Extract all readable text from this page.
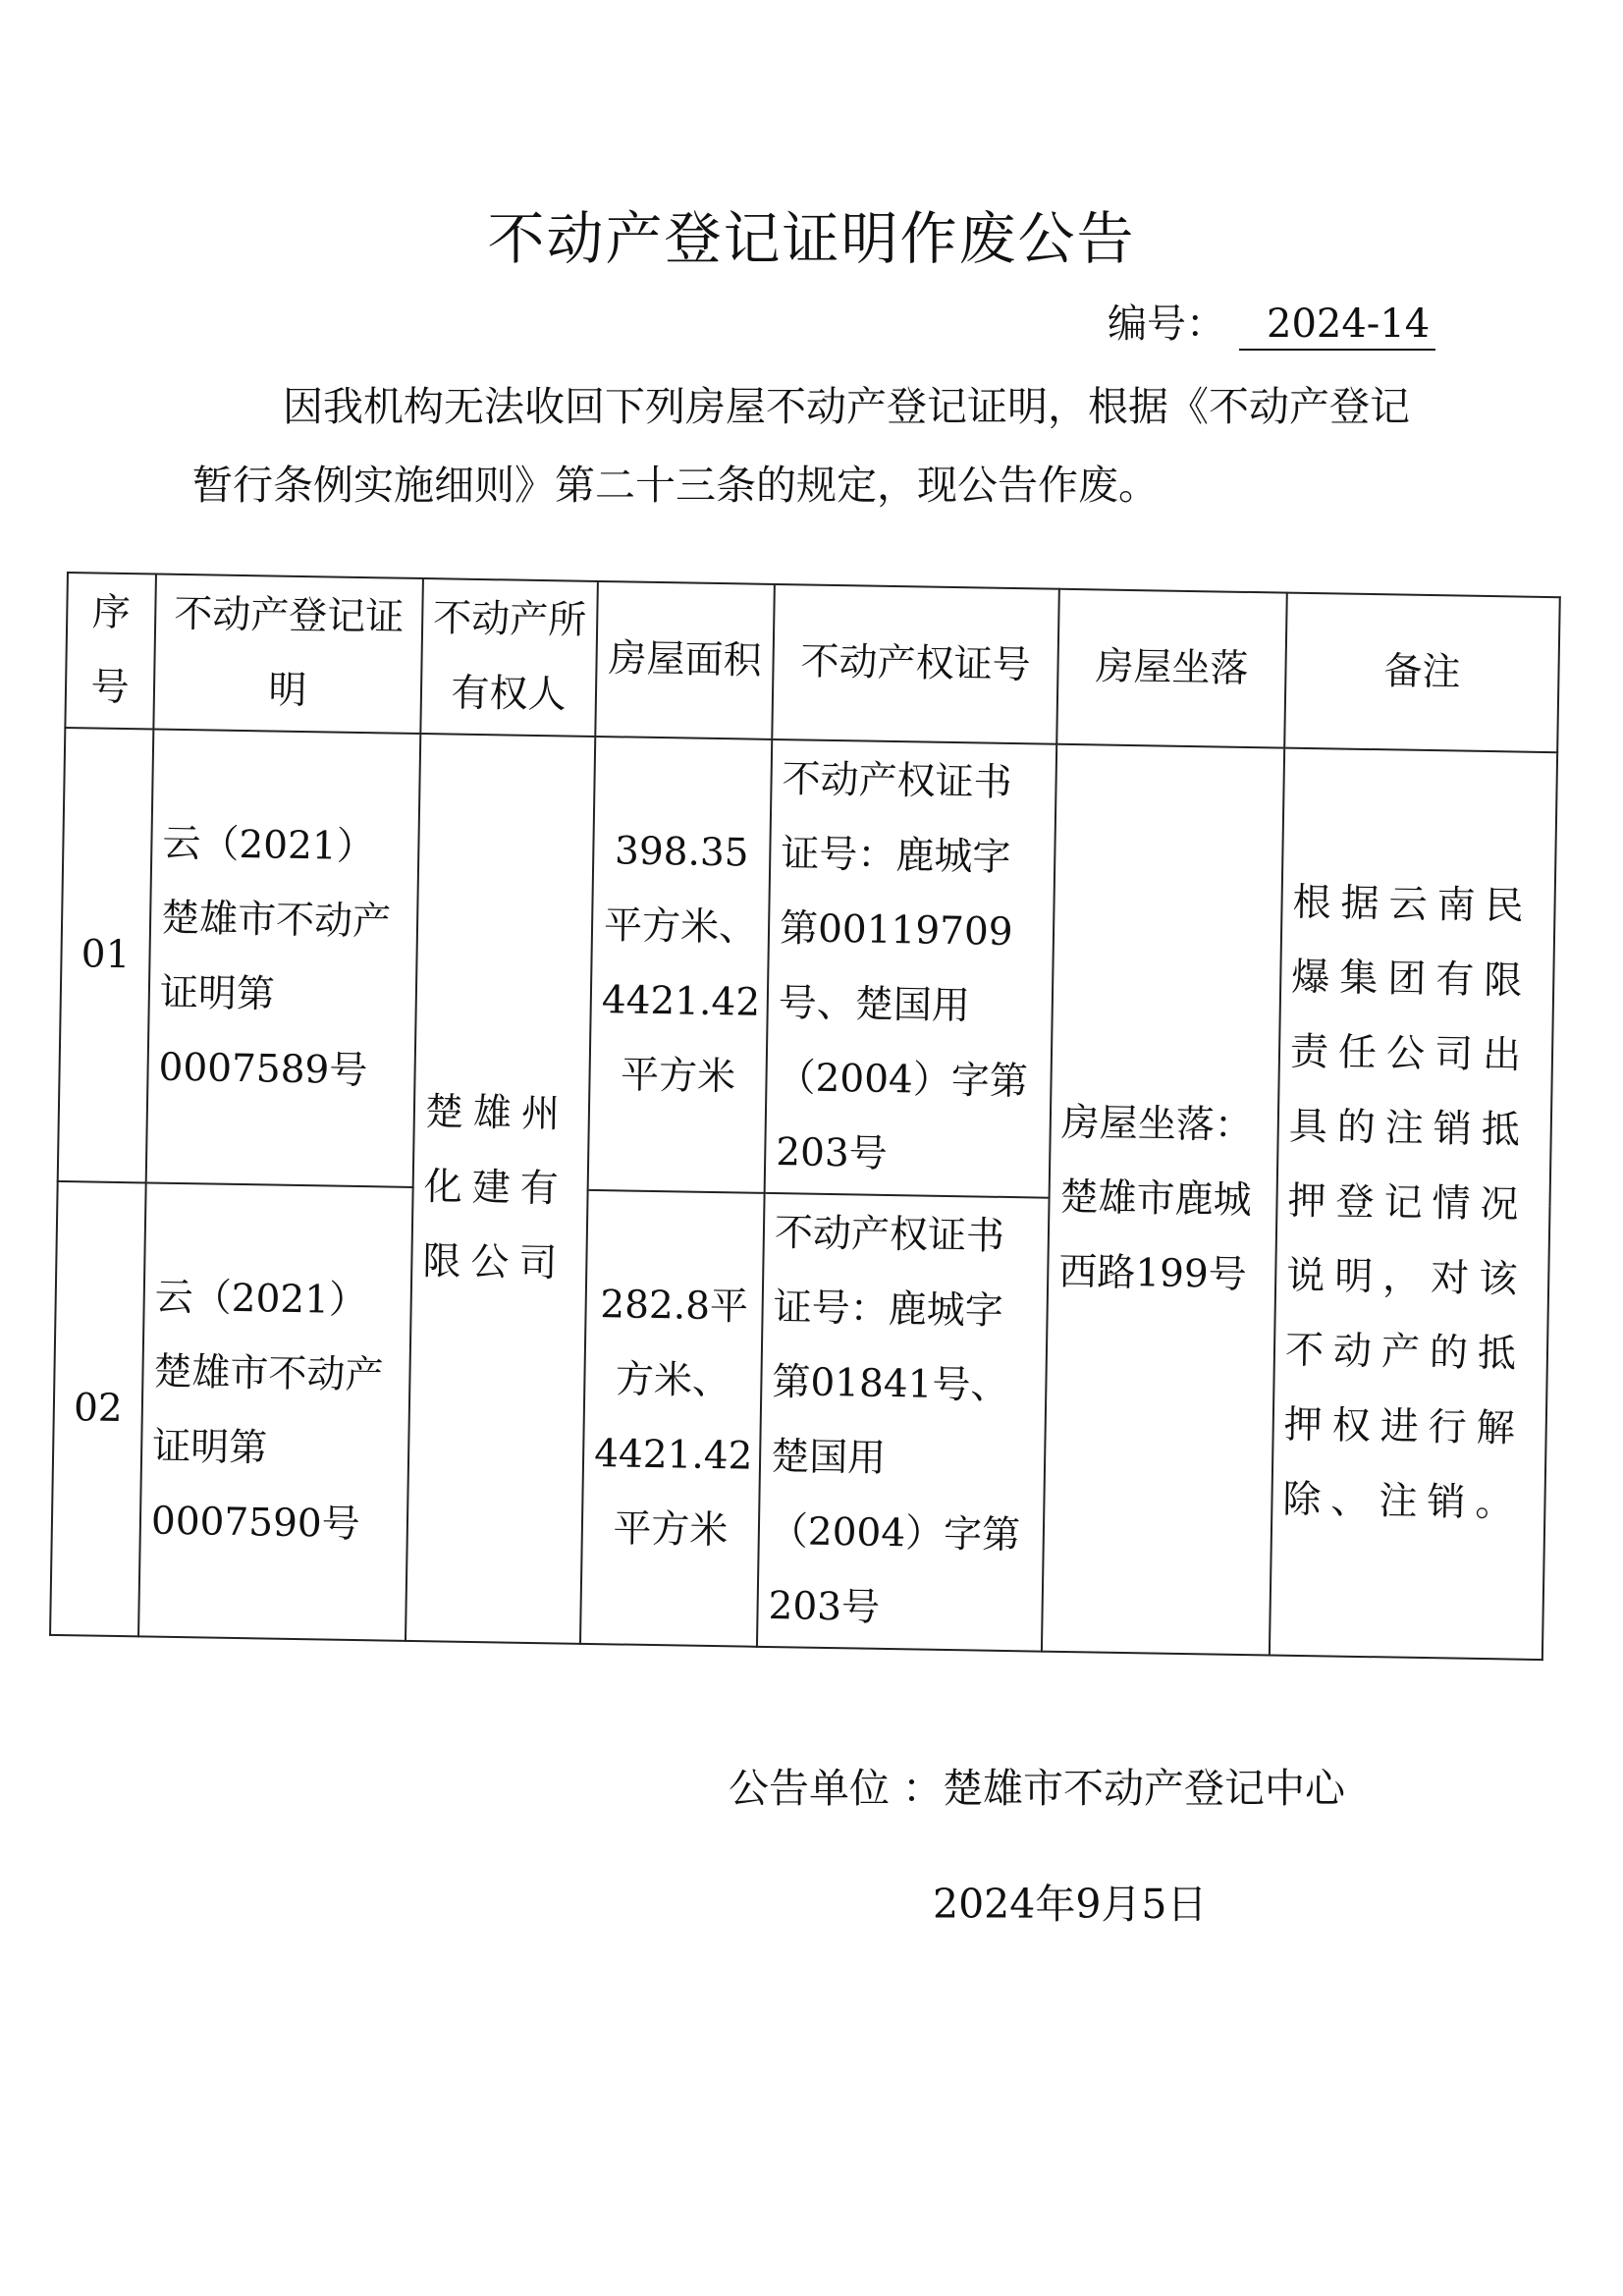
不动产登记证明作废公告
编号： 2024-14
因我机构无法收回下列房屋不动产登记证明，根据《不动产登记
暂行条例实施细则》第二十三条的规定，现公告作废。
序号	不动产登记证明	不动产所有权人	房屋面积	不动产权证号	房屋坐落	备注
01	云（2021）楚雄市不动产证明第 0007589号	楚雄州化建有限公司	398.35平方米、4421.42平方米	不动产权证书证号：鹿城字第00119709号、楚国用（2004）字第203号	房屋坐落：楚雄市鹿城西路199号	根据云南民爆集团有限责任公司出具的注销抵押登记情况说明，对该不动产的抵押权进行解除、注销。
02	云（2021）楚雄市不动产证明第 0007590号		282.8平方米、4421.42平方米	不动产权证书证号：鹿城字第01841号、楚国用（2004）字第203号		
公告单位 ：楚雄市不动产登记中心
2024年9月5日
